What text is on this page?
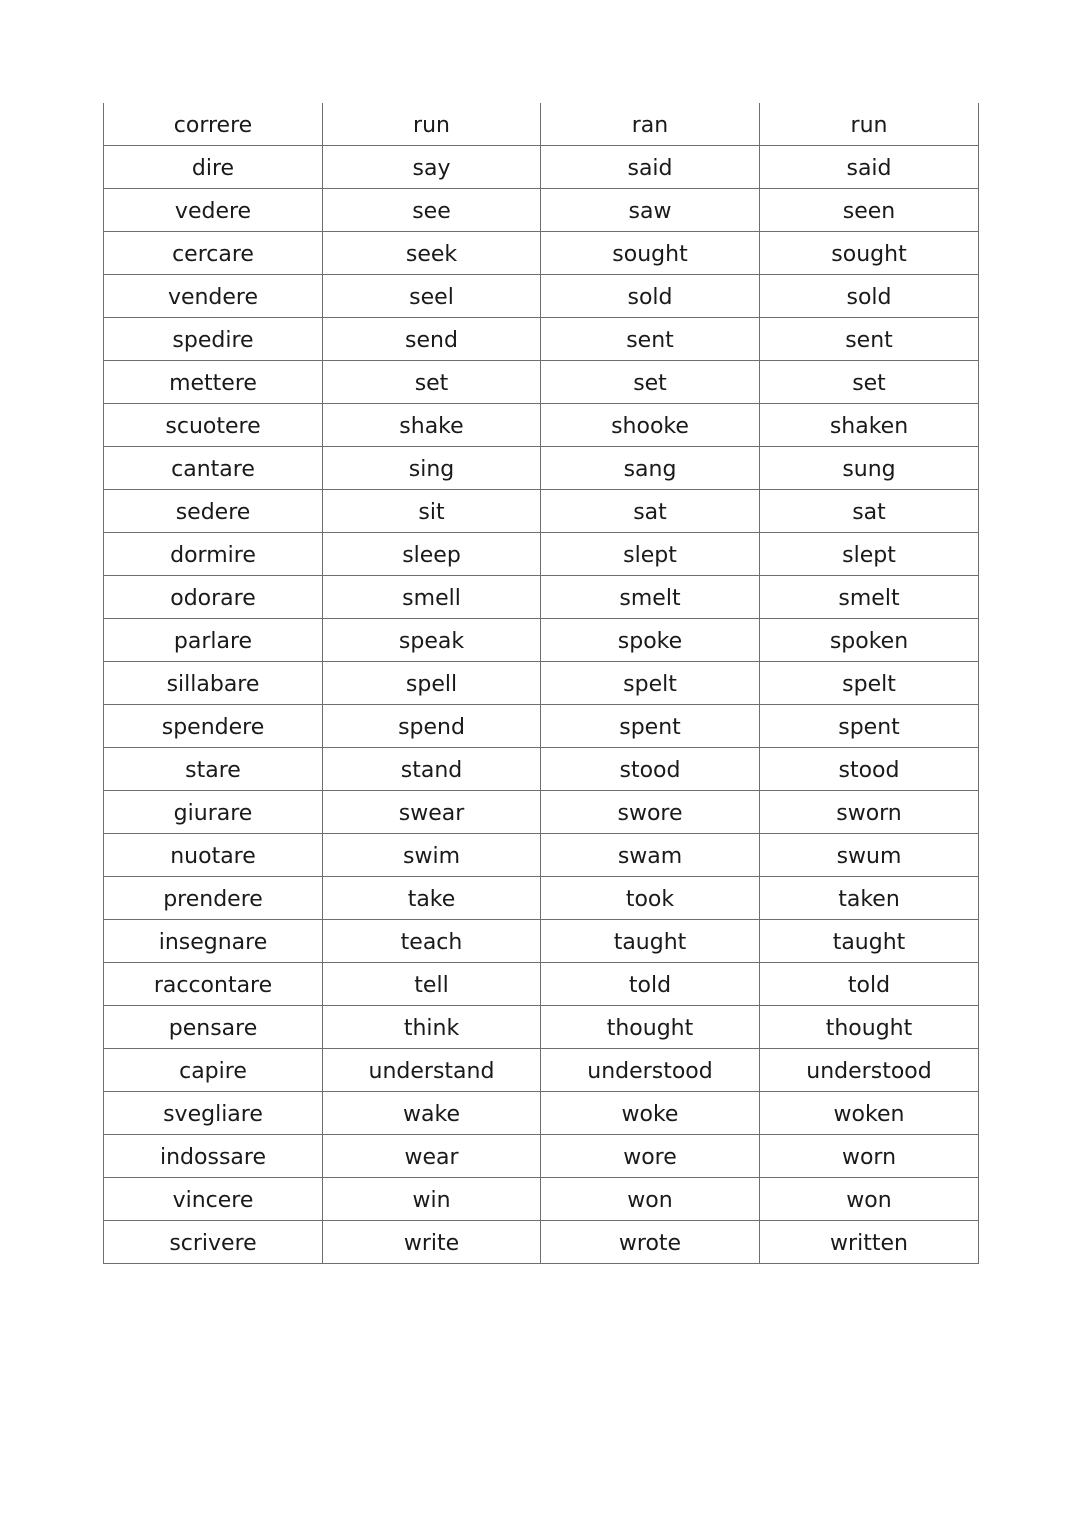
correre	run	ran	run
dire	say	said	said
vedere	see	saw	seen
cercare	seek	sought	sought
vendere	seel	sold	sold
spedire	send	sent	sent
mettere	set	set	set
scuotere	shake	shooke	shaken
cantare	sing	sang	sung
sedere	sit	sat	sat
dormire	sleep	slept	slept
odorare	smell	smelt	smelt
parlare	speak	spoke	spoken
sillabare	spell	spelt	spelt
spendere	spend	spent	spent
stare	stand	stood	stood
giurare	swear	swore	sworn
nuotare	swim	swam	swum
prendere	take	took	taken
insegnare	teach	taught	taught
raccontare	tell	told	told
pensare	think	thought	thought
capire	understand	understood	understood
svegliare	wake	woke	woken
indossare	wear	wore	worn
vincere	win	won	won
scrivere	write	wrote	written
